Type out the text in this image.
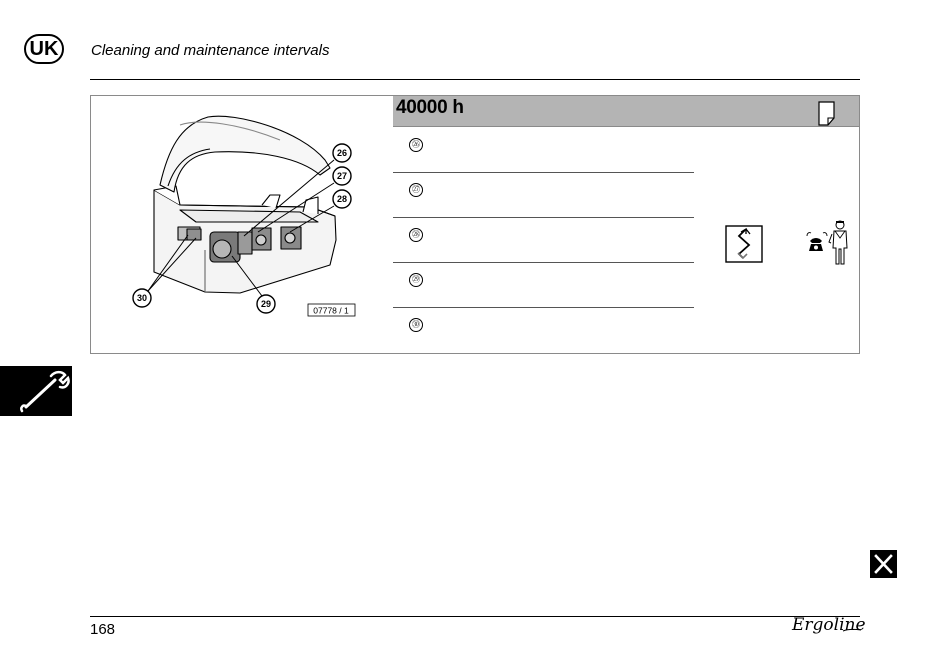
UK	Cleaning and maintenance intervals
26
27
28
29
30
07778 / 1
40000 h
㉖
㉗
㉘
㉙
㉚
168	Ergoline
